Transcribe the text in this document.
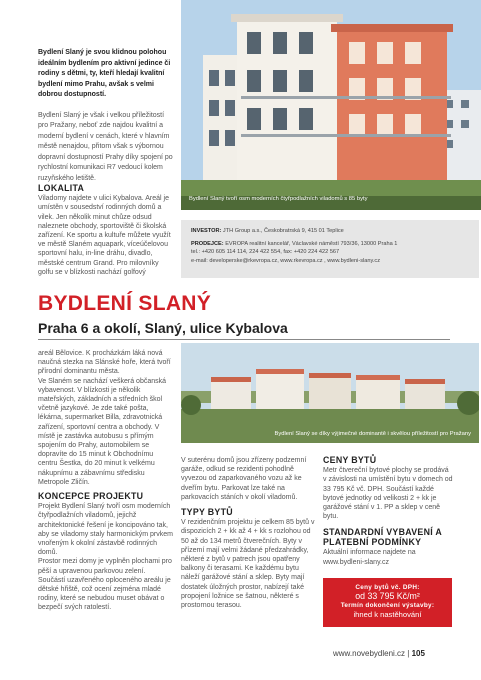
Bydlení Slaný je svou klidnou polohou ideálním bydlením pro aktivní jedince či rodiny s dětmi, ty, kteří hledají kvalitní bydlení mimo Prahu, avšak s velmi dobrou dostupností.

Bydlení Slaný je však i velkou příležitostí pro Pražany, neboť zde najdou kvalitní a moderní bydlení v cenách, které v hlavním městě nenajdou, přitom však s výbornou dopravní dostupností Prahy díky spojení po rychlostní komunikaci R7 vedoucí kolem ruzyňského letiště.

Bydlení Slaný tvoří osm moderních čtyřpodlažních viladomů s 85 byty
LOKALITA

Viladomy najdete v ulici Kybalova. Areál je umístěn v sousedství rodinných domů a vilek. Jen několik minut chůze odsud naleznete obchody, sportoviště či školská zařízení. Ke sportu a kultuře můžete využít ve městě Slaném aquapark, víceúčelovou sportovní halu, in-line dráhu, divadlo, městské centrum Grand. Pro milovníky golfu se v blízkosti nachází golfový

INVESTOR: JTH Group a.s., Českobratrská 9, 415 01 Teplice

PRODEJCE: EVROPA realitní kancelář, Václavské náměstí 793/36, 13000 Praha 1

tel.: +420 605 114 114, 224 422 554, fax: +420 224 422 567
e-mail: developerske@rkevropa.cz, www.rkevropa.cz , www.bydleni-slany.cz
BYDLENÍ SLANÝ
Praha 6 a okolí, Slaný, ulice Kybalova

areál Bělovice. K procházkám láká nová naučná stezka na Slánské hoře, která tvoří přírodní dominantu města.

Ve Slaném se nachází veškerá občanská vybavenost. V blízkosti je několik mateřských, základních a středních škol včetně jazykové. Je zde také pošta, lékárna, supermarket Billa, zdravotnická zařízení, sportovní centra a obchody. V místě je zastávka autobusu s přímým spojením do Prahy, automobilem se dopravíte do 15 minut k Obchodnímu centru Šestka, do 20 minut k velkému nákupnímu a zábavnímu středisku Metropole Zličín.

KONCEPCE PROJEKTU

Projekt Bydlení Slaný tvoří osm moderních čtyřpodlažních viladomů, jejichž architektonické řešení je koncipováno tak, aby se viladomy staly harmonickým prvkem vnořeným k okolní zástavbě rodinných domů.

Prostor mezi domy je vyplněn plochami pro pěší a upravenou parkovou zelení. Součástí uzavřeného oploceného areálu je dětské hřiště, což ocení zejména mladé rodiny, které se nebudou muset obávat o bezpečí svých ratolestí.

Bydlení Slaný se díky výjimečné dominantě i skvělou příležitostí pro Pražany

V suterénu domů jsou zřízeny podzemní garáže, odkud se rezidenti pohodlně vyvezou od zaparkovaného vozu až ke dveřím bytu. Parkovat lze také na parkovacích stáních v okolí viladomů.

TYPY BYTŮ

V rezidenčním projektu je celkem 85 bytů v dispozicích 2 + kk až 4 + kk s rozlohou od 50 až do 134 metrů čtverečních. Byty v přízemí mají velmi žádané předzahrádky, některé z bytů v patrech jsou opatřeny balkony či terasami. Ke každému bytu náleží garážové stání a sklep. Byty mají dostatek úložných prostor, nabízejí také propojení ložnice se šatnou, některé s prostornou terasou.

CENY BYTŮ

Metr čtvereční bytové plochy se prodává v závislosti na umístění bytu v domech od 33 795 Kč vč. DPH. Součástí každé bytové jednotky od velikosti 2 + kk je garážové stání v 1. PP a sklep v ceně bytu.

STANDARDNÍ VYBAVENÍ A PLATEBNÍ PODMÍNKY

Aktuální informace najdete na www.bydleni-slany.cz

Ceny bytů vč. DPH:
od 33 795 Kč/m²
Termín dokončení výstavby:
ihned k nastěhování
www.novebydleni.cz | 105
